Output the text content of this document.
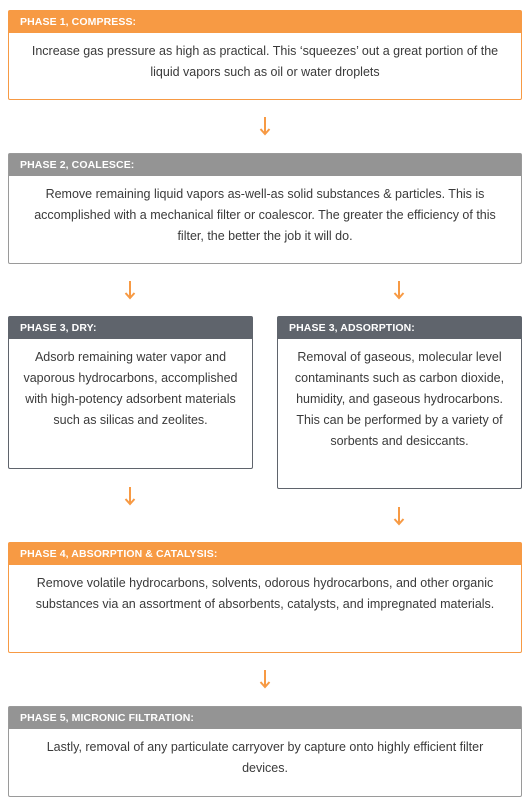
PHASE 1, COMPRESS:
Increase gas pressure as high as practical. This ‘squeezes’ out a great portion of the liquid vapors such as oil or water droplets
PHASE 2, COALESCE:
Remove remaining liquid vapors as-well-as solid substances & particles. This is accomplished with a mechanical filter or coalescor. The greater the efficiency of this filter, the better the job it will do.
PHASE 3, DRY:
Adsorb remaining water vapor and vaporous hydrocarbons, accomplished with high-potency adsorbent materials such as silicas and zeolites.
PHASE 3, ADSORPTION:
Removal of gaseous, molecular level contaminants such as carbon dioxide, humidity, and gaseous hydrocarbons. This can be performed by a variety of sorbents and desiccants.
PHASE 4, ABSORPTION & CATALYSIS:
Remove volatile hydrocarbons, solvents, odorous hydrocarbons, and other organic substances via an assortment of absorbents, catalysts, and impregnated materials.
PHASE 5, MICRONIC FILTRATION:
Lastly, removal of any particulate carryover by capture onto highly efficient filter devices.
